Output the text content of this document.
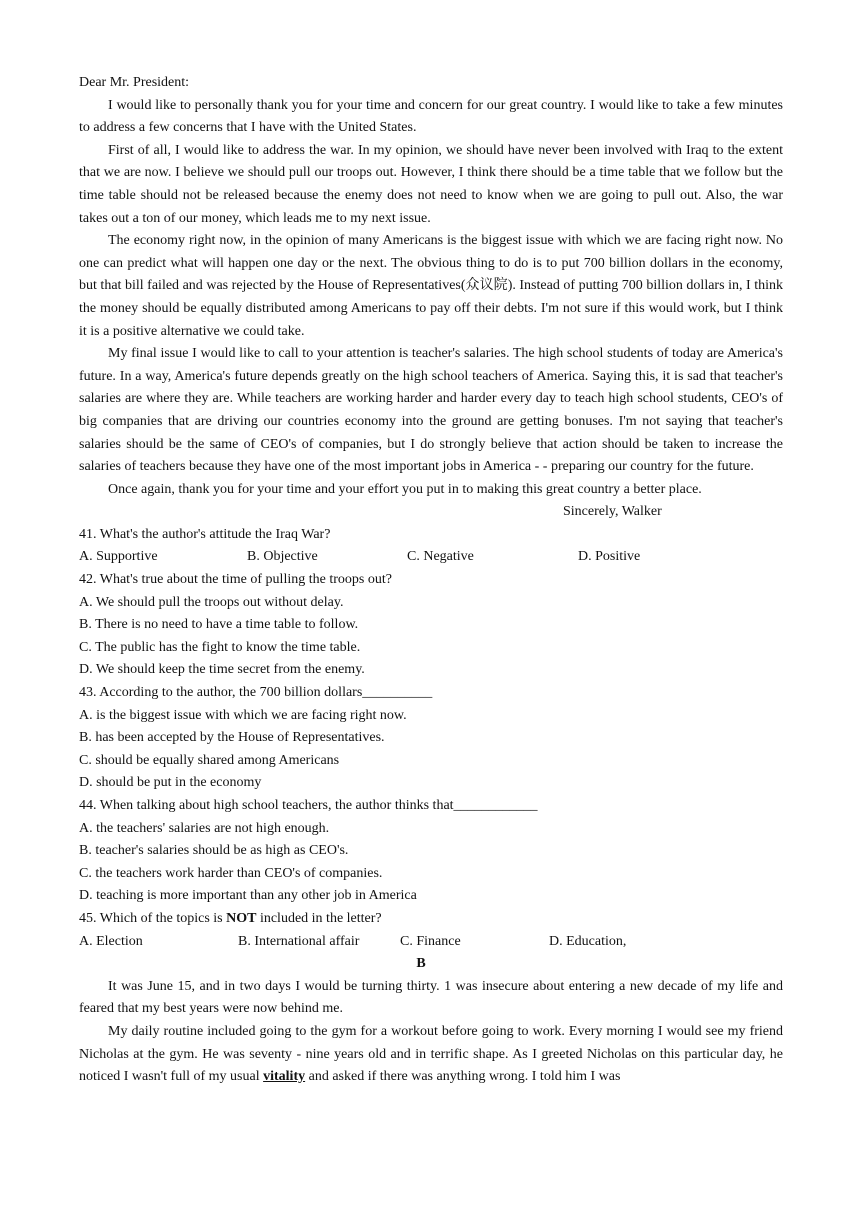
Dear Mr. President:

I would like to personally thank you for your time and concern for our great country. I would like to take a few minutes to address a few concerns that I have with the United States.

First of all, I would like to address the war. In my opinion, we should have never been involved with Iraq to the extent that we are now. I believe we should pull our troops out. However, I think there should be a time table that we follow but the time table should not be released because the enemy does not need to know when we are going to pull out. Also, the war takes out a ton of our money, which leads me to my next issue.

The economy right now, in the opinion of many Americans is the biggest issue with which we are facing right now. No one can predict what will happen one day or the next. The obvious thing to do is to put 700 billion dollars in the economy, but that bill failed and was rejected by the House of Representatives(众议院). Instead of putting 700 billion dollars in, I think the money should be equally distributed among Americans to pay off their debts. I'm not sure if this would work, but I think it is a positive alternative we could take.

My final issue I would like to call to your attention is teacher's salaries. The high school students of today are America's future. In a way, America's future depends greatly on the high school teachers of America. Saying this, it is sad that teacher's salaries are where they are. While teachers are working harder and harder every day to teach high school students, CEO's of big companies that are driving our countries economy into the ground are getting bonuses. I'm not saying that teacher's salaries should be the same of CEO's of companies, but I do strongly believe that action should be taken to increase the salaries of teachers because they have one of the most important jobs in America - - preparing our country for the future.

Once again, thank you for your time and your effort you put in to making this great country a better place.

Sincerely, Walker

41. What's the author's attitude the Iraq War?

A. Supportive	B. Objective	C. Negative	D. Positive

42. What's true about the time of pulling the troops out?

A. We should pull the troops out without delay.

B. There is no need to have a time table to follow.

C. The public has the fight to know the time table.

D. We should keep the time secret from the enemy.

43. According to the author, the 700 billion dollars__________

A. is the biggest issue with which we are facing right now.

B. has been accepted by the House of Representatives.

C. should be equally shared among Americans

D. should be put in the economy

44. When talking about high school teachers, the author thinks that____________

A. the teachers' salaries are not high enough.

B. teacher's salaries should be as high as CEO's.

C. the teachers work harder than CEO's of companies.

D. teaching is more important than any other job in America

45. Which of the topics is NOT included in the letter?

A. Election	B. International affair	C. Finance	D. Education,

B

It was June 15, and in two days I would be turning thirty. 1 was insecure about entering a new decade of my life and feared that my best years were now behind me.

My daily routine included going to the gym for a workout before going to work. Every morning I would see my friend Nicholas at the gym. He was seventy - nine years old and in terrific shape. As I greeted Nicholas on this particular day, he noticed I wasn't full of my usual vitality and asked if there was anything wrong. I told him I was
